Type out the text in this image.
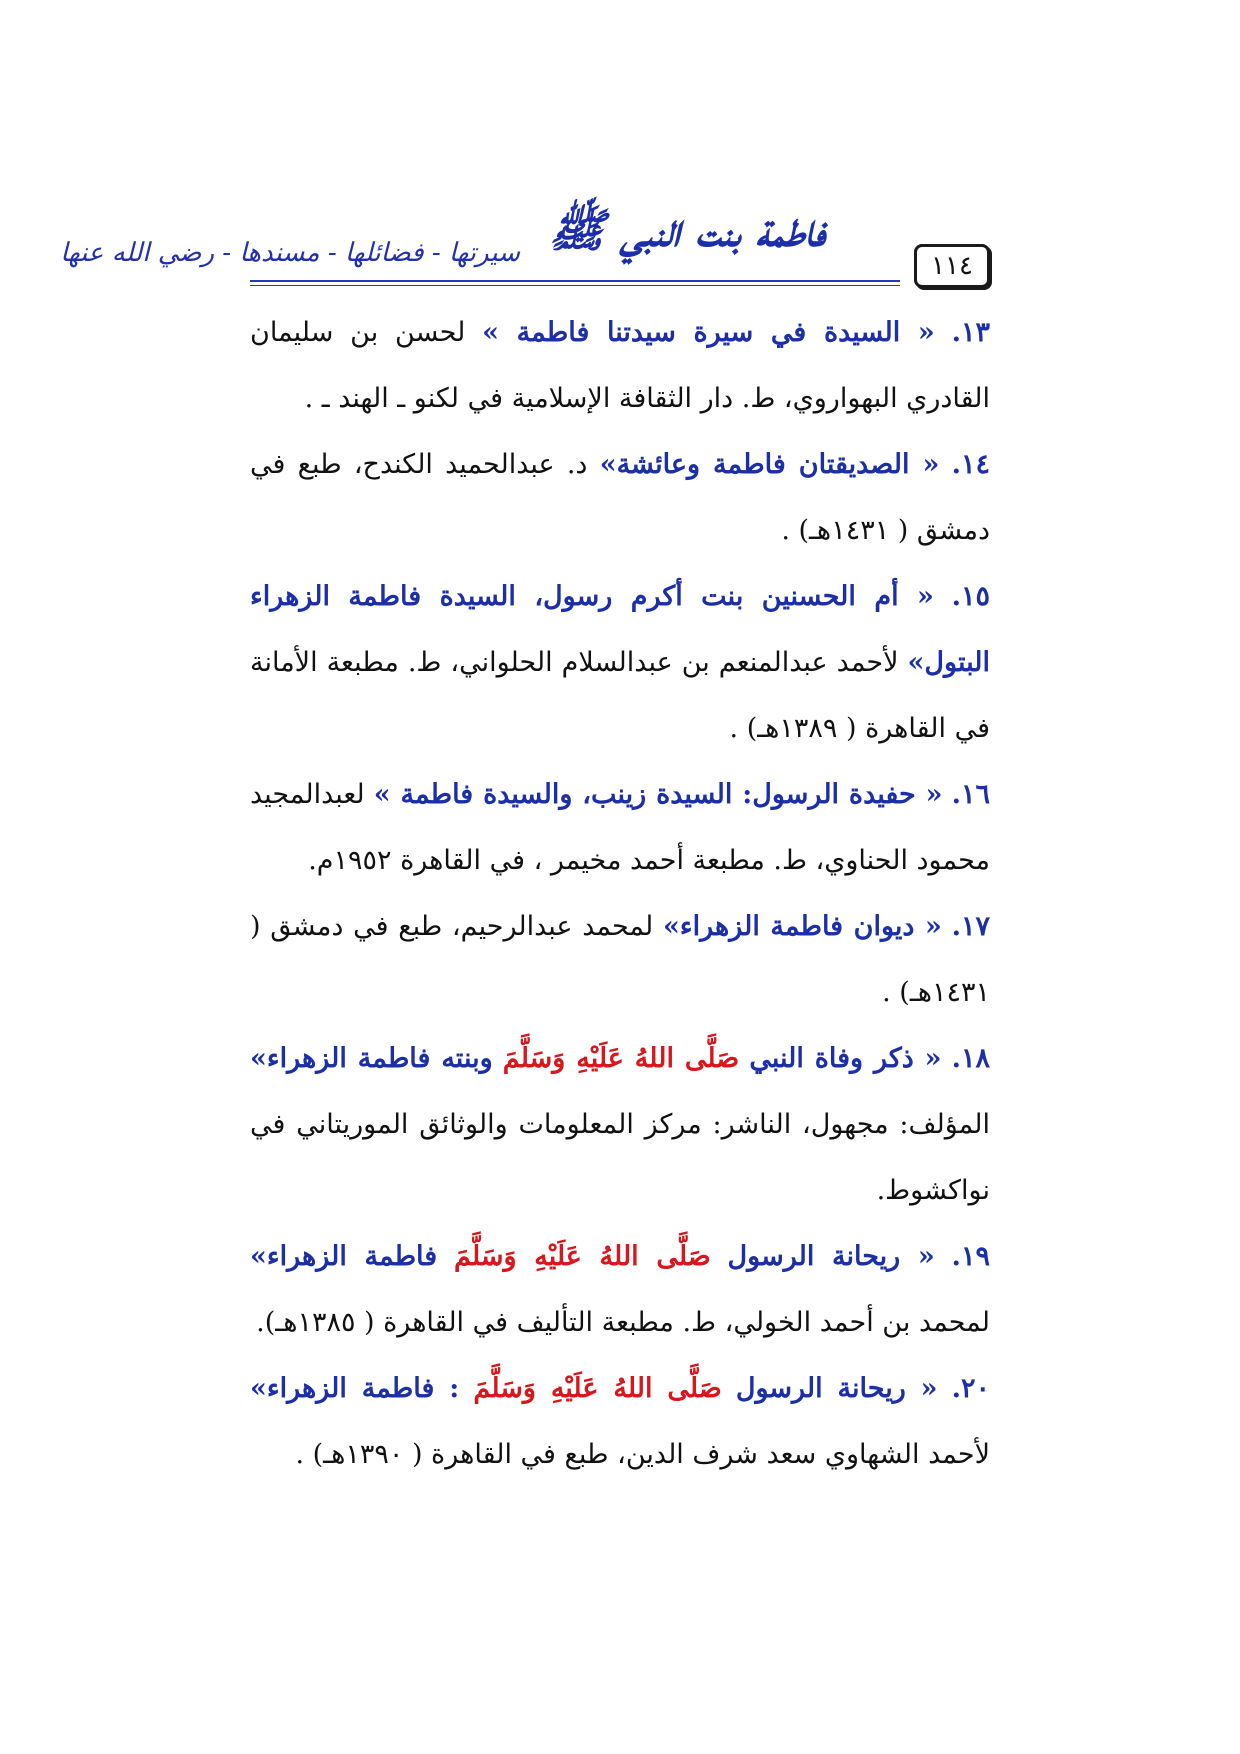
١١٤
فاطمة بنت النبي ﷺ
سيرتها - فضائلها - مسندها - رضي الله عنها

١٣. « السيدة في سيرة سيدتنا فاطمة » لحسن بن سليمان القادري البهواروي، ط. دار الثقافة الإسلامية في لكنو ـ الهند ـ .

١٤. « الصديقتان فاطمة وعائشة» د. عبدالحميد الكندح، طبع في دمشق ( ١٤٣١هـ) .

١٥. « أم الحسنين بنت أكرم رسول، السيدة فاطمة الزهراء البتول» لأحمد عبدالمنعم بن عبدالسلام الحلواني، ط. مطبعة الأمانة في القاهرة ( ١٣٨٩هـ) .

١٦. « حفيدة الرسول: السيدة زينب، والسيدة فاطمة » لعبدالمجيد محمود الحناوي، ط. مطبعة أحمد مخيمر ، في القاهرة ١٩٥٢م.

١٧. « ديوان فاطمة الزهراء» لمحمد عبدالرحيم، طبع في دمشق ( ١٤٣١هـ) .

١٨. « ذكر وفاة النبي صَلَّى اللهُ عَلَيْهِ وَسَلَّمَ وبنته فاطمة الزهراء» المؤلف: مجهول، الناشر: مركز المعلومات والوثائق الموريتاني في نواكشوط.

١٩. « ريحانة الرسول صَلَّى اللهُ عَلَيْهِ وَسَلَّمَ فاطمة الزهراء» لمحمد بن أحمد الخولي، ط. مطبعة التأليف في القاهرة ( ١٣٨٥هـ).

٢٠. « ريحانة الرسول صَلَّى اللهُ عَلَيْهِ وَسَلَّمَ : فاطمة الزهراء» لأحمد الشهاوي سعد شرف الدين، طبع في القاهرة ( ١٣٩٠هـ) .
